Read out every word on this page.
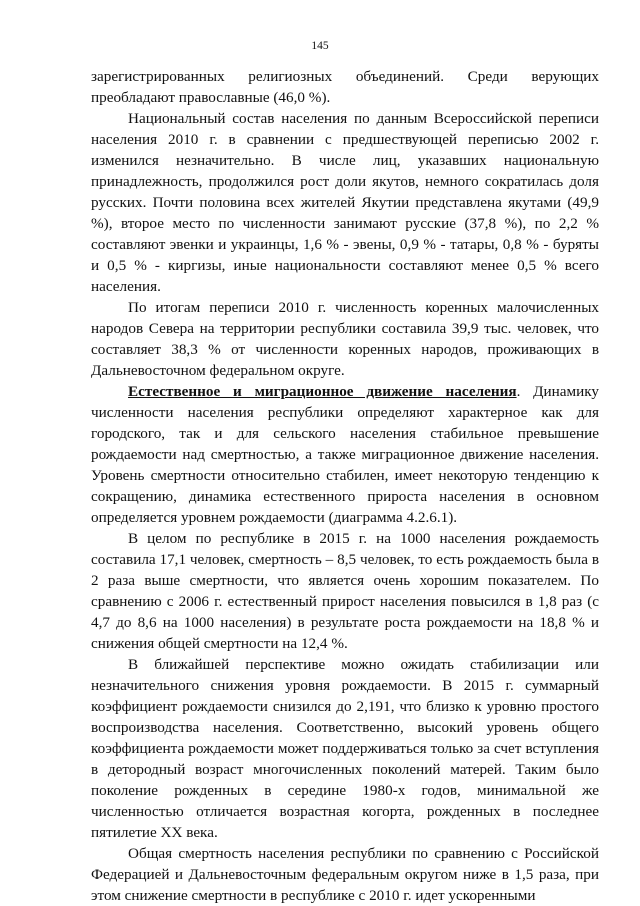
145

зарегистрированных религиозных объединений. Среди верующих преобладают православные (46,0 %).

Национальный состав населения по данным Всероссийской переписи населения 2010 г. в сравнении с предшествующей переписью 2002 г. изменился незначительно. В числе лиц, указавших национальную принадлежность, продолжился рост доли якутов, немного сократилась доля русских. Почти половина всех жителей Якутии представлена якутами (49,9 %), второе место по численности занимают русские (37,8 %), по 2,2 % составляют эвенки и украинцы, 1,6 % - эвены, 0,9 % - татары, 0,8 % - буряты и 0,5 % - киргизы, иные национальности составляют менее 0,5 % всего населения.

По итогам переписи 2010 г. численность коренных малочисленных народов Севера на территории республики составила 39,9 тыс. человек, что составляет 38,3 % от численности коренных народов, проживающих в Дальневосточном федеральном округе.

Естественное и миграционное движение населения. Динамику численности населения республики определяют характерное как для городского, так и для сельского населения стабильное превышение рождаемости над смертностью, а также миграционное движение населения. Уровень смертности относительно стабилен, имеет некоторую тенденцию к сокращению, динамика естественного прироста населения в основном определяется уровнем рождаемости (диаграмма 4.2.6.1).

В целом по республике в 2015 г. на 1000 населения рождаемость составила 17,1 человек, смертность – 8,5 человек, то есть рождаемость была в 2 раза выше смертности, что является очень хорошим показателем. По сравнению с 2006 г. естественный прирост населения повысился в 1,8 раз (с 4,7 до 8,6 на 1000 населения) в результате роста рождаемости на 18,8 % и снижения общей смертности на 12,4 %.

В ближайшей перспективе можно ожидать стабилизации или незначительного снижения уровня рождаемости. В 2015 г. суммарный коэффициент рождаемости снизился до 2,191, что близко к уровню простого воспроизводства населения. Соответственно, высокий уровень общего коэффициента рождаемости может поддерживаться только за счет вступления в детородный возраст многочисленных поколений матерей. Таким было поколение рожденных в середине 1980-х годов, минимальной же численностью отличается возрастная когорта, рожденных в последнее пятилетие XX века.

Общая смертность населения республики по сравнению с Российской Федерацией и Дальневосточным федеральным округом ниже в 1,5 раза, при этом снижение смертности в республике с 2010 г. идет ускоренными
